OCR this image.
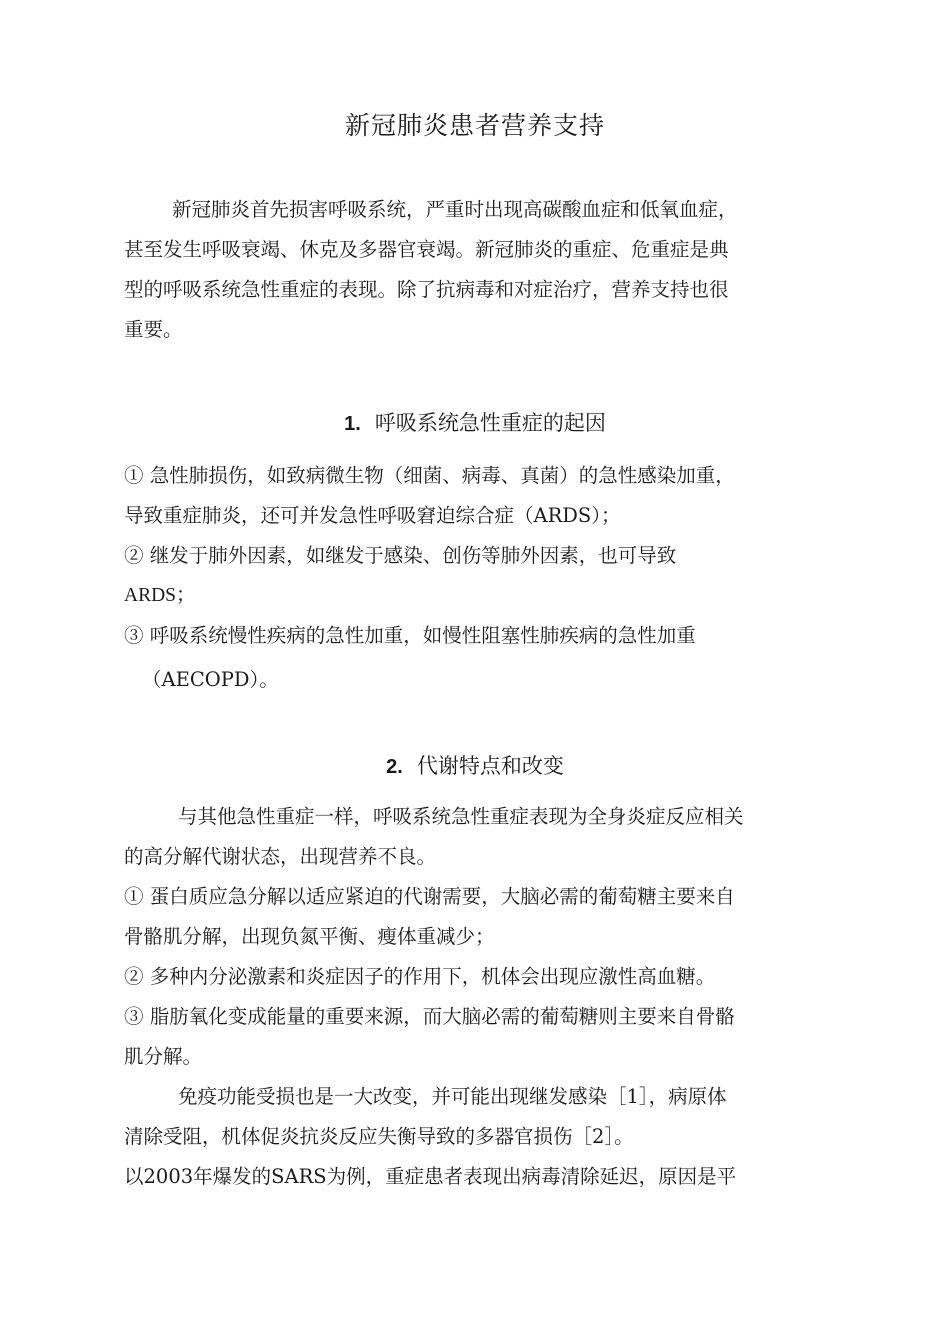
新冠肺炎患者营养支持
新冠肺炎首先损害呼吸系统，严重时出现高碳酸血症和低氧血症，
甚至发生呼吸衰竭、休克及多器官衰竭。新冠肺炎的重症、危重症是典
型的呼吸系统急性重症的表现。除了抗病毒和对症治疗，营养支持也很
重要。
1. 呼吸系统急性重症的起因
① 急性肺损伤，如致病微生物（细菌、病毒、真菌）的急性感染加重，
导致重症肺炎，还可并发急性呼吸窘迫综合症（ARDS）；
② 继发于肺外因素，如继发于感染、创伤等肺外因素，也可导致
ARDS；
③ 呼吸系统慢性疾病的急性加重，如慢性阻塞性肺疾病的急性加重
（AECOPD）。
2. 代谢特点和改变
与其他急性重症一样，呼吸系统急性重症表现为全身炎症反应相关
的高分解代谢状态，出现营养不良。
① 蛋白质应急分解以适应紧迫的代谢需要，大脑必需的葡萄糖主要来自
骨骼肌分解，出现负氮平衡、瘦体重减少；
② 多种内分泌激素和炎症因子的作用下，机体会出现应激性高血糖。
③ 脂肪氧化变成能量的重要来源，而大脑必需的葡萄糖则主要来自骨骼
肌分解。
免疫功能受损也是一大改变，并可能出现继发感染［1］，病原体
清除受阻，机体促炎抗炎反应失衡导致的多器官损伤［2］。
以2003年爆发的SARS为例，重症患者表现出病毒清除延迟，原因是平
